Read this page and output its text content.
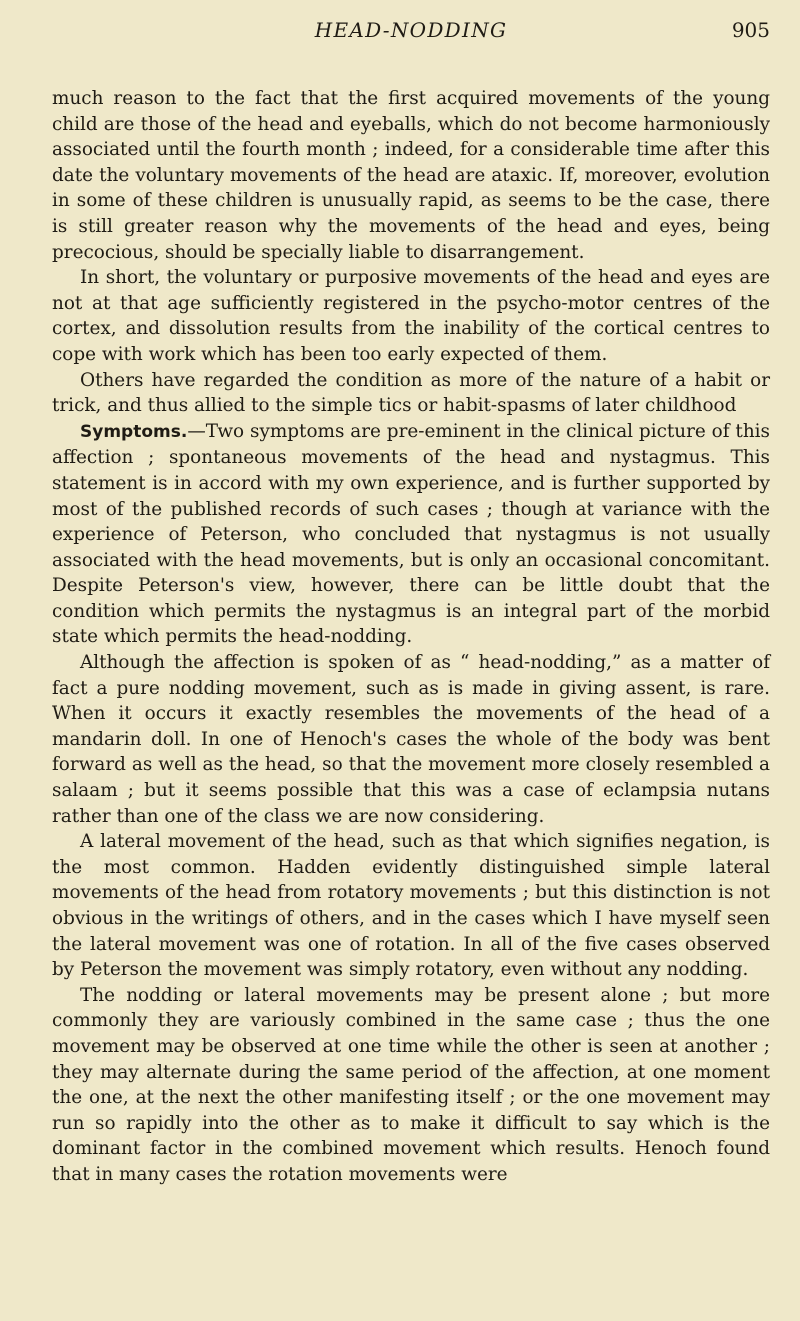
HEAD-NODDING	905

much reason to the fact that the first acquired movements of the young child are those of the head and eyeballs, which do not become harmoniously associated until the fourth month ; indeed, for a considerable time after this date the voluntary movements of the head are ataxic. If, moreover, evolution in some of these children is unusually rapid, as seems to be the case, there is still greater reason why the movements of the head and eyes, being precocious, should be specially liable to disarrangement.

In short, the voluntary or purposive movements of the head and eyes are not at that age sufficiently registered in the psycho-motor centres of the cortex, and dissolution results from the inability of the cortical centres to cope with work which has been too early expected of them.

Others have regarded the condition as more of the nature of a habit or trick, and thus allied to the simple tics or habit-spasms of later childhood

Symptoms.—Two symptoms are pre-eminent in the clinical picture of this affection ; spontaneous movements of the head and nystagmus. This statement is in accord with my own experience, and is further supported by most of the published records of such cases ; though at variance with the experience of Peterson, who concluded that nystagmus is not usually associated with the head movements, but is only an occasional concomitant. Despite Peterson's view, however, there can be little doubt that the condition which permits the nystagmus is an integral part of the morbid state which permits the head-nodding.

Although the affection is spoken of as “ head-nodding,” as a matter of fact a pure nodding movement, such as is made in giving assent, is rare. When it occurs it exactly resembles the movements of the head of a mandarin doll. In one of Henoch's cases the whole of the body was bent forward as well as the head, so that the movement more closely resembled a salaam ; but it seems possible that this was a case of eclampsia nutans rather than one of the class we are now considering.

A lateral movement of the head, such as that which signifies negation, is the most common. Hadden evidently distinguished simple lateral movements of the head from rotatory movements ; but this distinction is not obvious in the writings of others, and in the cases which I have myself seen the lateral movement was one of rotation. In all of the five cases observed by Peterson the movement was simply rotatory, even without any nodding.

The nodding or lateral movements may be present alone ; but more commonly they are variously combined in the same case ; thus the one movement may be observed at one time while the other is seen at another ; they may alternate during the same period of the affection, at one moment the one, at the next the other manifesting itself ; or the one movement may run so rapidly into the other as to make it difficult to say which is the dominant factor in the combined movement which results. Henoch found that in many cases the rotation movements were
